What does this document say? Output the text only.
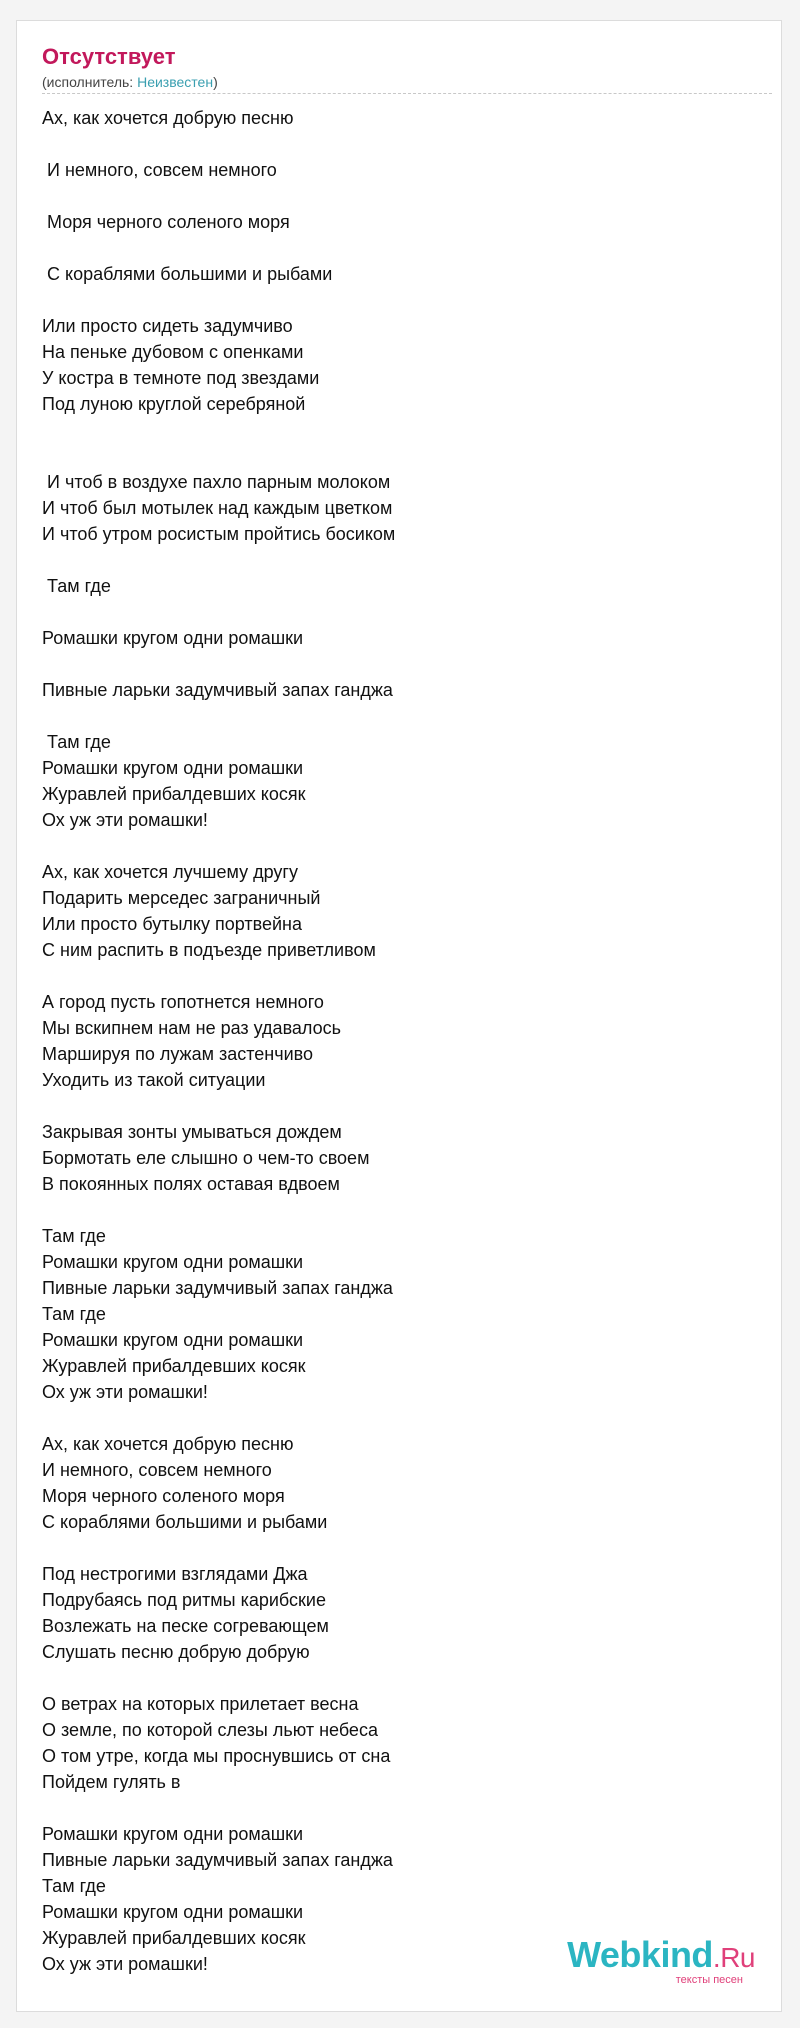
Отсутствует
(исполнитель: Неизвестен)
Ах, как хочется добрую песню

И немного, совсем немного

Моря черного соленого моря

С кораблями большими и рыбами

Или просто сидеть задумчиво
На пеньке дубовом с опенками
У костра в темноте под звездами
Под луною круглой серебряной

И чтоб в воздухе пахло парным молоком
И чтоб был мотылек над каждым цветком
И чтоб утром росистым пройтись босиком

Там где

Ромашки кругом одни ромашки

Пивные ларьки задумчивый запах ганджа

Там где
Ромашки кругом одни ромашки
Журавлей прибалдевших косяк
Ох уж эти ромашки!

Ах, как хочется лучшему другу
Подарить мерседес заграничный
Или просто бутылку портвейна
С ним распить в подъезде приветливом

А город пусть гопотнется немного
Мы вскипнем нам не раз удавалось
Маршируя по лужам застенчиво
Уходить из такой ситуации

Закрывая зонты умываться дождем
Бормотать еле слышно о чем-то своем
В покоянных полях оставая вдвоем

Там где
Ромашки кругом одни ромашки
Пивные ларьки задумчивый запах ганджа
Там где
Ромашки кругом одни ромашки
Журавлей прибалдевших косяк
Ох уж эти ромашки!

Ах, как хочется добрую песню
И немного, совсем немного
Моря черного соленого моря
С кораблями большими и рыбами

Под нестрогими взглядами Джа
Подрубаясь под ритмы карибские
Возлежать на песке согревающем
Слушать песню добрую добрую

О ветрах на которых прилетает весна
О земле, по которой слезы льют небеса
О том утре, когда мы проснувшись от сна
Пойдем гулять в

Ромашки кругом одни ромашки
Пивные ларьки задумчивый запах ганджа
Там где
Ромашки кругом одни ромашки
Журавлей прибалдевших косяк
Ох уж эти ромашки!	Webkind.Ru
тексты песен
